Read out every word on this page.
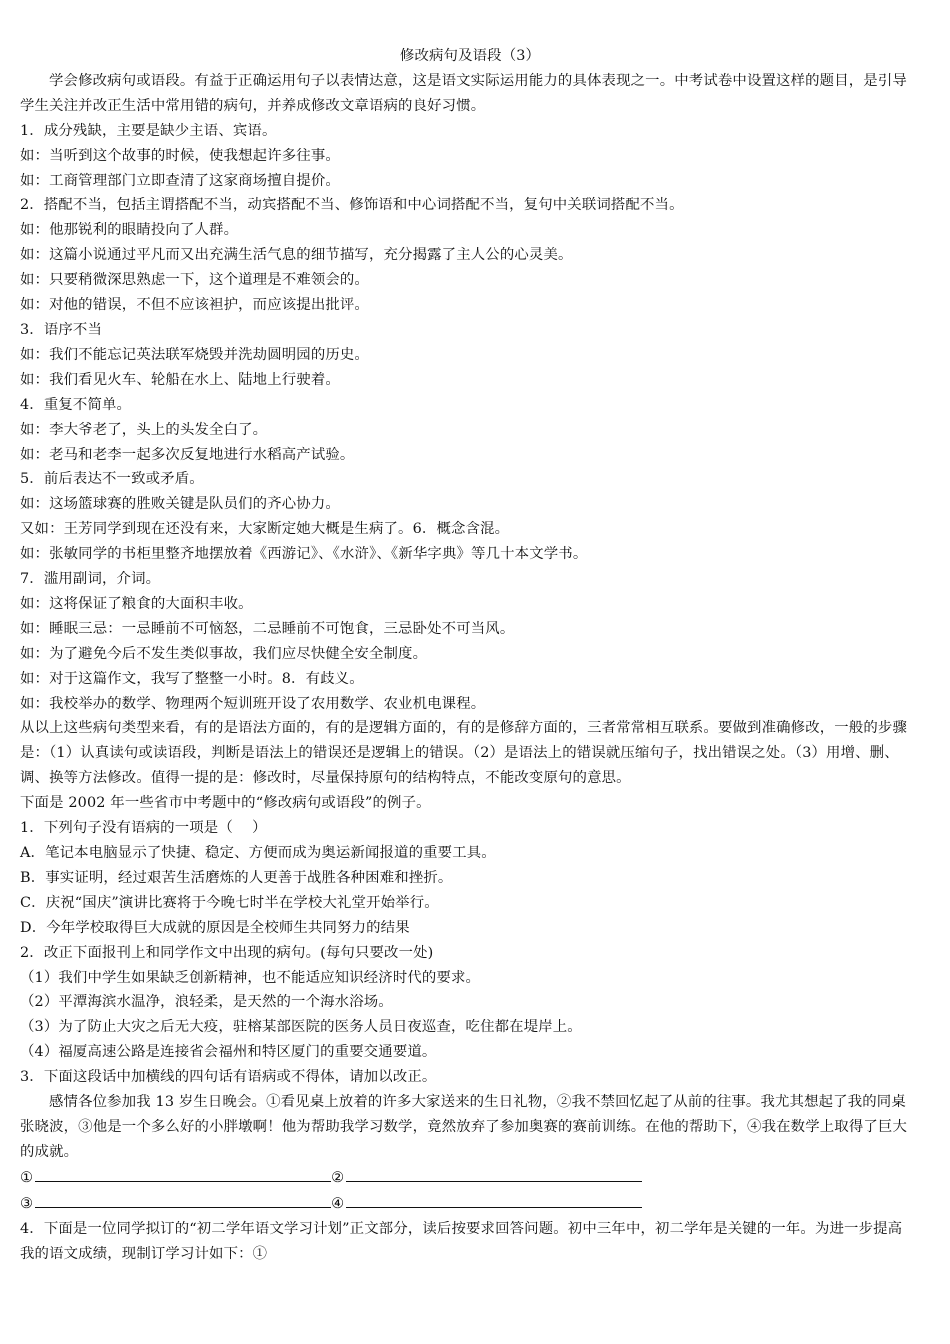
修改病句及语段（3）

学会修改病句或语段。有益于正确运用句子以表情达意，这是语文实际运用能力的具体表现之一。中考试卷中设置这样的题目，是引导学生关注并改正生活中常用错的病句，并养成修改文章语病的良好习惯。

1．成分残缺，主要是缺少主语、宾语。

如：当听到这个故事的时候，使我想起许多往事。

如：工商管理部门立即查清了这家商场擅自提价。

2．搭配不当，包括主谓搭配不当，动宾搭配不当、修饰语和中心词搭配不当，复句中关联词搭配不当。

如：他那锐利的眼睛投向了人群。

如：这篇小说通过平凡而又出充满生活气息的细节描写，充分揭露了主人公的心灵美。

如：只要稍微深思熟虑一下，这个道理是不难领会的。

如：对他的错误，不但不应该袒护，而应该提出批评。

3．语序不当

如：我们不能忘记英法联军烧毁并洗劫圆明园的历史。

如：我们看见火车、轮船在水上、陆地上行驶着。

4．重复不简单。

如：李大爷老了，头上的头发全白了。

如：老马和老李一起多次反复地进行水稻高产试验。

5．前后表达不一致或矛盾。

如：这场篮球赛的胜败关键是队员们的齐心协力。

又如：王芳同学到现在还没有来，大家断定她大概是生病了。6．概念含混。

如：张敏同学的书柜里整齐地摆放着《西游记》、《水浒》、《新华字典》等几十本文学书。

7．滥用副词，介词。

如：这将保证了粮食的大面积丰收。

如：睡眠三忌：一忌睡前不可恼怒，二忌睡前不可饱食，三忌卧处不可当风。

如：为了避免今后不发生类似事故，我们应尽快健全安全制度。

如：对于这篇作文，我写了整整一小时。8．有歧义。

如：我校举办的数学、物理两个短训班开设了农用数学、农业机电课程。

从以上这些病句类型来看，有的是语法方面的，有的是逻辑方面的，有的是修辞方面的，三者常常相互联系。要做到准确修改，一般的步骤是：（1）认真读句或读语段，判断是语法上的错误还是逻辑上的错误。（2）是语法上的错误就压缩句子，找出错误之处。（3）用增、删、调、换等方法修改。值得一提的是：修改时，尽量保持原句的结构特点，不能改变原句的意思。

下面是 2002 年一些省市中考题中的“修改病句或语段”的例子。

1．下列句子没有语病的一项是（　 ）

A．笔记本电脑显示了快捷、稳定、方便而成为奥运新闻报道的重要工具。

B．事实证明，经过艰苦生活磨炼的人更善于战胜各种困难和挫折。

C．庆祝“国庆”演讲比赛将于今晚七时半在学校大礼堂开始举行。

D．今年学校取得巨大成就的原因是全校师生共同努力的结果

2．改正下面报刊上和同学作文中出现的病句。(每句只要改一处)

（1）我们中学生如果缺乏创新精神，也不能适应知识经济时代的要求。

（2）平潭海滨水温净，浪轻柔，是天然的一个海水浴场。

（3）为了防止大灾之后无大疫，驻榕某部医院的医务人员日夜巡查，吃住都在堤岸上。

（4）福厦高速公路是连接省会福州和特区厦门的重要交通要道。

3．下面这段话中加横线的四句话有语病或不得体，请加以改正。

感情各位参加我 13 岁生日晚会。①看见桌上放着的许多大家送来的生日礼物，②我不禁回忆起了从前的往事。我尤其想起了我的同桌张晓波，③他是一个多么好的小胖墩啊！他为帮助我学习数学，竟然放弃了参加奥赛的赛前训练。在他的帮助下，④我在数学上取得了巨大的成就。

①	②
③	④

4．下面是一位同学拟订的“初二学年语文学习计划”正文部分，读后按要求回答问题。初中三年中，初二学年是关键的一年。为进一步提高我的语文成绩，现制订学习计如下：①
